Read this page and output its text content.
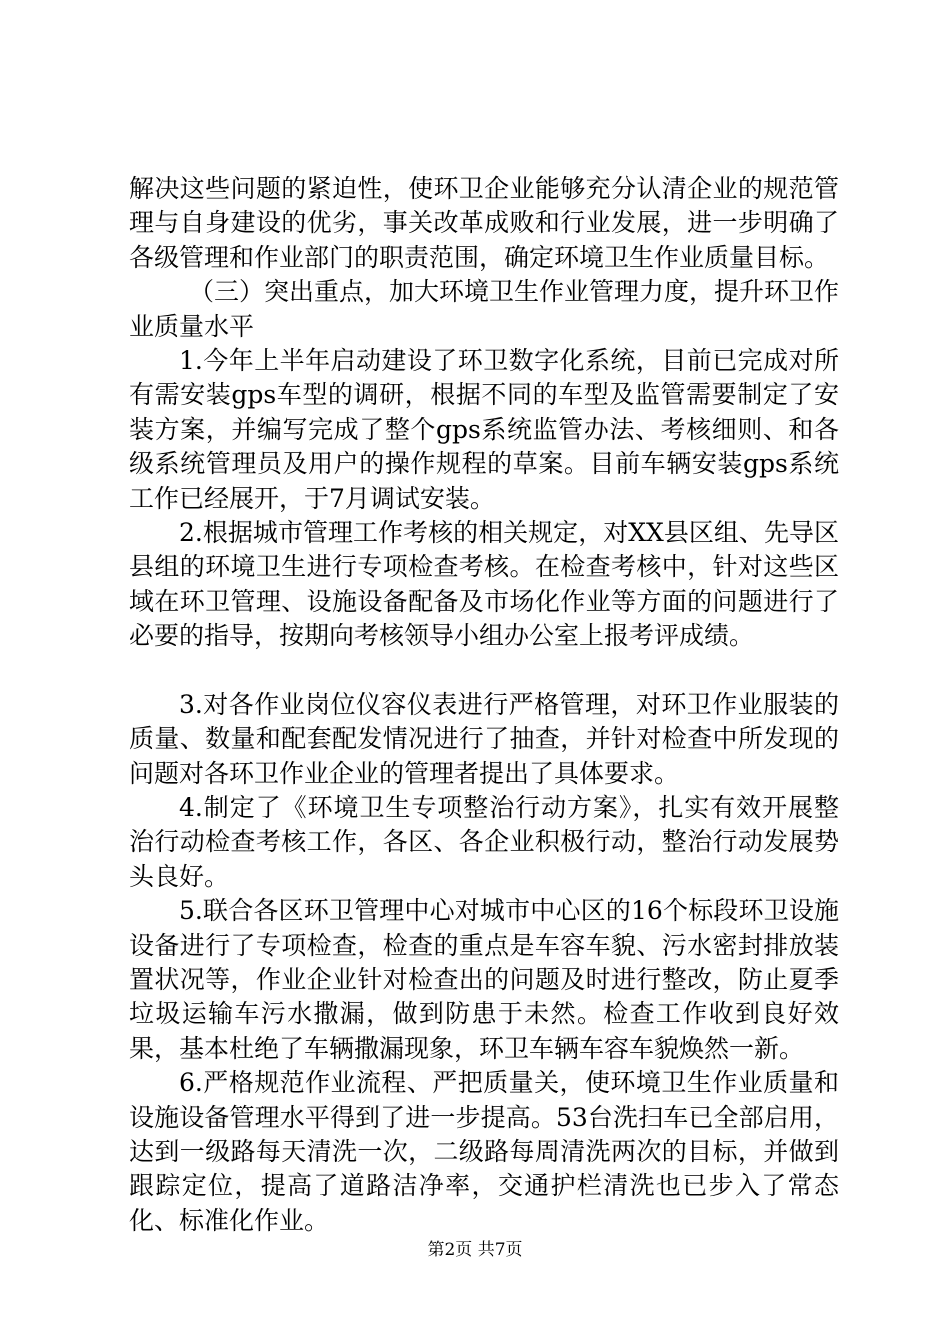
解决这些问题的紧迫性，使环卫企业能够充分认清企业的规范管理与自身建设的优劣，事关改革成败和行业发展，进一步明确了各级管理和作业部门的职责范围，确定环境卫生作业质量目标。

（三）突出重点，加大环境卫生作业管理力度，提升环卫作业质量水平

1.今年上半年启动建设了环卫数字化系统，目前已完成对所有需安装gps车型的调研，根据不同的车型及监管需要制定了安装方案，并编写完成了整个gps系统监管办法、考核细则、和各级系统管理员及用户的操作规程的草案。目前车辆安装gps系统工作已经展开，于7月调试安装。

2.根据城市管理工作考核的相关规定，对XX县区组、先导区县组的环境卫生进行专项检查考核。在检查考核中，针对这些区域在环卫管理、设施设备配备及市场化作业等方面的问题进行了必要的指导，按期向考核领导小组办公室上报考评成绩。

3.对各作业岗位仪容仪表进行严格管理，对环卫作业服装的质量、数量和配套配发情况进行了抽查，并针对检查中所发现的问题对各环卫作业企业的管理者提出了具体要求。

4.制定了《环境卫生专项整治行动方案》，扎实有效开展整治行动检查考核工作，各区、各企业积极行动，整治行动发展势头良好。

5.联合各区环卫管理中心对城市中心区的16个标段环卫设施设备进行了专项检查，检查的重点是车容车貌、污水密封排放装置状况等，作业企业针对检查出的问题及时进行整改，防止夏季垃圾运输车污水撒漏，做到防患于未然。检查工作收到良好效果，基本杜绝了车辆撒漏现象，环卫车辆车容车貌焕然一新。

6.严格规范作业流程、严把质量关，使环境卫生作业质量和设施设备管理水平得到了进一步提高。53台洗扫车已全部启用，达到一级路每天清洗一次，二级路每周清洗两次的目标，并做到跟踪定位，提高了道路洁净率，交通护栏清洗也已步入了常态化、标准化作业。

第2页 共7页
